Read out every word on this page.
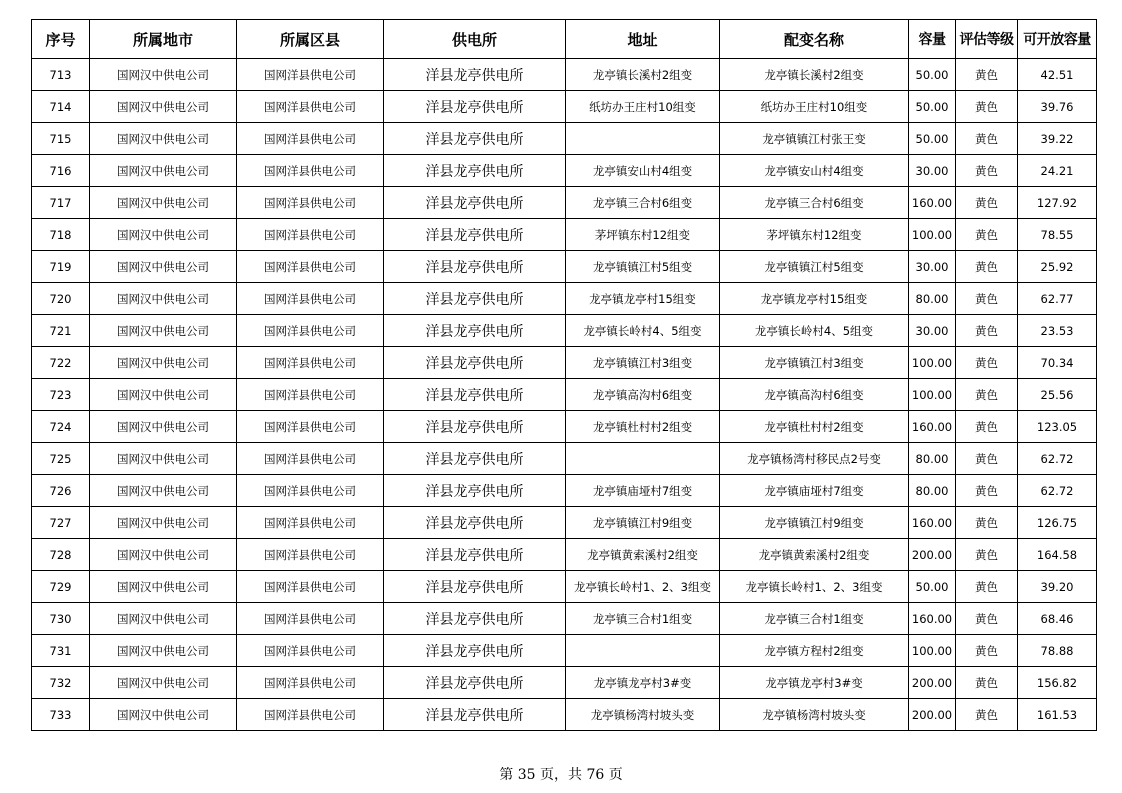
序号	所属地市	所属区县	供电所	地址	配变名称	容量	评估等级	可开放容量
713	国网汉中供电公司	国网洋县供电公司	洋县龙亭供电所	龙亭镇长溪村2组变	龙亭镇长溪村2组变	50.00	黄色	42.51
714	国网汉中供电公司	国网洋县供电公司	洋县龙亭供电所	纸坊办王庄村10组变	纸坊办王庄村10组变	50.00	黄色	39.76
715	国网汉中供电公司	国网洋县供电公司	洋县龙亭供电所		龙亭镇镇江村张王变	50.00	黄色	39.22
716	国网汉中供电公司	国网洋县供电公司	洋县龙亭供电所	龙亭镇安山村4组变	龙亭镇安山村4组变	30.00	黄色	24.21
717	国网汉中供电公司	国网洋县供电公司	洋县龙亭供电所	龙亭镇三合村6组变	龙亭镇三合村6组变	160.00	黄色	127.92
718	国网汉中供电公司	国网洋县供电公司	洋县龙亭供电所	茅坪镇东村12组变	茅坪镇东村12组变	100.00	黄色	78.55
719	国网汉中供电公司	国网洋县供电公司	洋县龙亭供电所	龙亭镇镇江村5组变	龙亭镇镇江村5组变	30.00	黄色	25.92
720	国网汉中供电公司	国网洋县供电公司	洋县龙亭供电所	龙亭镇龙亭村15组变	龙亭镇龙亭村15组变	80.00	黄色	62.77
721	国网汉中供电公司	国网洋县供电公司	洋县龙亭供电所	龙亭镇长岭村4、5组变	龙亭镇长岭村4、5组变	30.00	黄色	23.53
722	国网汉中供电公司	国网洋县供电公司	洋县龙亭供电所	龙亭镇镇江村3组变	龙亭镇镇江村3组变	100.00	黄色	70.34
723	国网汉中供电公司	国网洋县供电公司	洋县龙亭供电所	龙亭镇高沟村6组变	龙亭镇高沟村6组变	100.00	黄色	25.56
724	国网汉中供电公司	国网洋县供电公司	洋县龙亭供电所	龙亭镇杜村村2组变	龙亭镇杜村村2组变	160.00	黄色	123.05
725	国网汉中供电公司	国网洋县供电公司	洋县龙亭供电所		龙亭镇杨湾村移民点2号变	80.00	黄色	62.72
726	国网汉中供电公司	国网洋县供电公司	洋县龙亭供电所	龙亭镇庙垭村7组变	龙亭镇庙垭村7组变	80.00	黄色	62.72
727	国网汉中供电公司	国网洋县供电公司	洋县龙亭供电所	龙亭镇镇江村9组变	龙亭镇镇江村9组变	160.00	黄色	126.75
728	国网汉中供电公司	国网洋县供电公司	洋县龙亭供电所	龙亭镇黄索溪村2组变	龙亭镇黄索溪村2组变	200.00	黄色	164.58
729	国网汉中供电公司	国网洋县供电公司	洋县龙亭供电所	龙亭镇长岭村1、2、3组变	龙亭镇长岭村1、2、3组变	50.00	黄色	39.20
730	国网汉中供电公司	国网洋县供电公司	洋县龙亭供电所	龙亭镇三合村1组变	龙亭镇三合村1组变	160.00	黄色	68.46
731	国网汉中供电公司	国网洋县供电公司	洋县龙亭供电所		龙亭镇方程村2组变	100.00	黄色	78.88
732	国网汉中供电公司	国网洋县供电公司	洋县龙亭供电所	龙亭镇龙亭村3#变	龙亭镇龙亭村3#变	200.00	黄色	156.82
733	国网汉中供电公司	国网洋县供电公司	洋县龙亭供电所	龙亭镇杨湾村坡头变	龙亭镇杨湾村坡头变	200.00	黄色	161.53
第 35 页，共 76 页
